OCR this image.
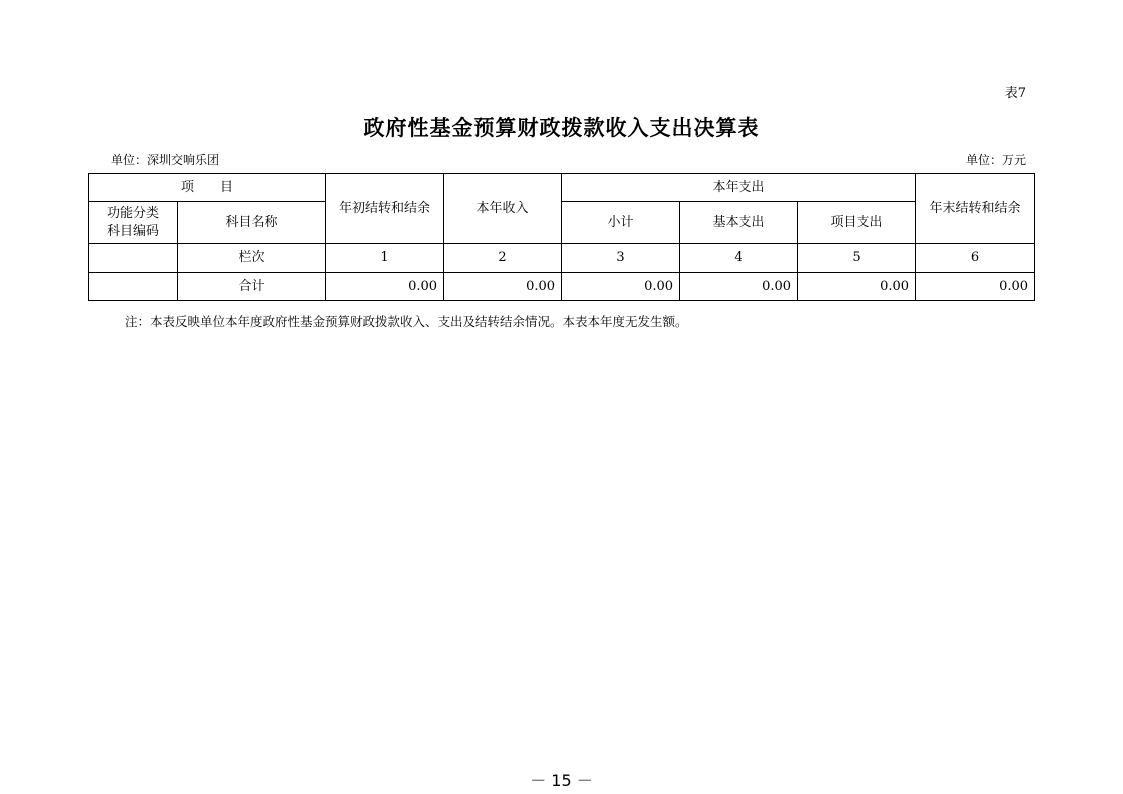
表7
政府性基金预算财政拨款收入支出决算表
单位：深圳交响乐团	单位：万元
项　　目		年初结转和结余	本年收入	本年支出			年末结转和结余
功能分类
科目编码	科目名称			小计	基本支出	项目支出	
	栏次	1	2	3	4	5	6
	合计	0.00	0.00	0.00	0.00	0.00	0.00
注：本表反映单位本年度政府性基金预算财政拨款收入、支出及结转结余情况。本表本年度无发生额。
－ 15 －
